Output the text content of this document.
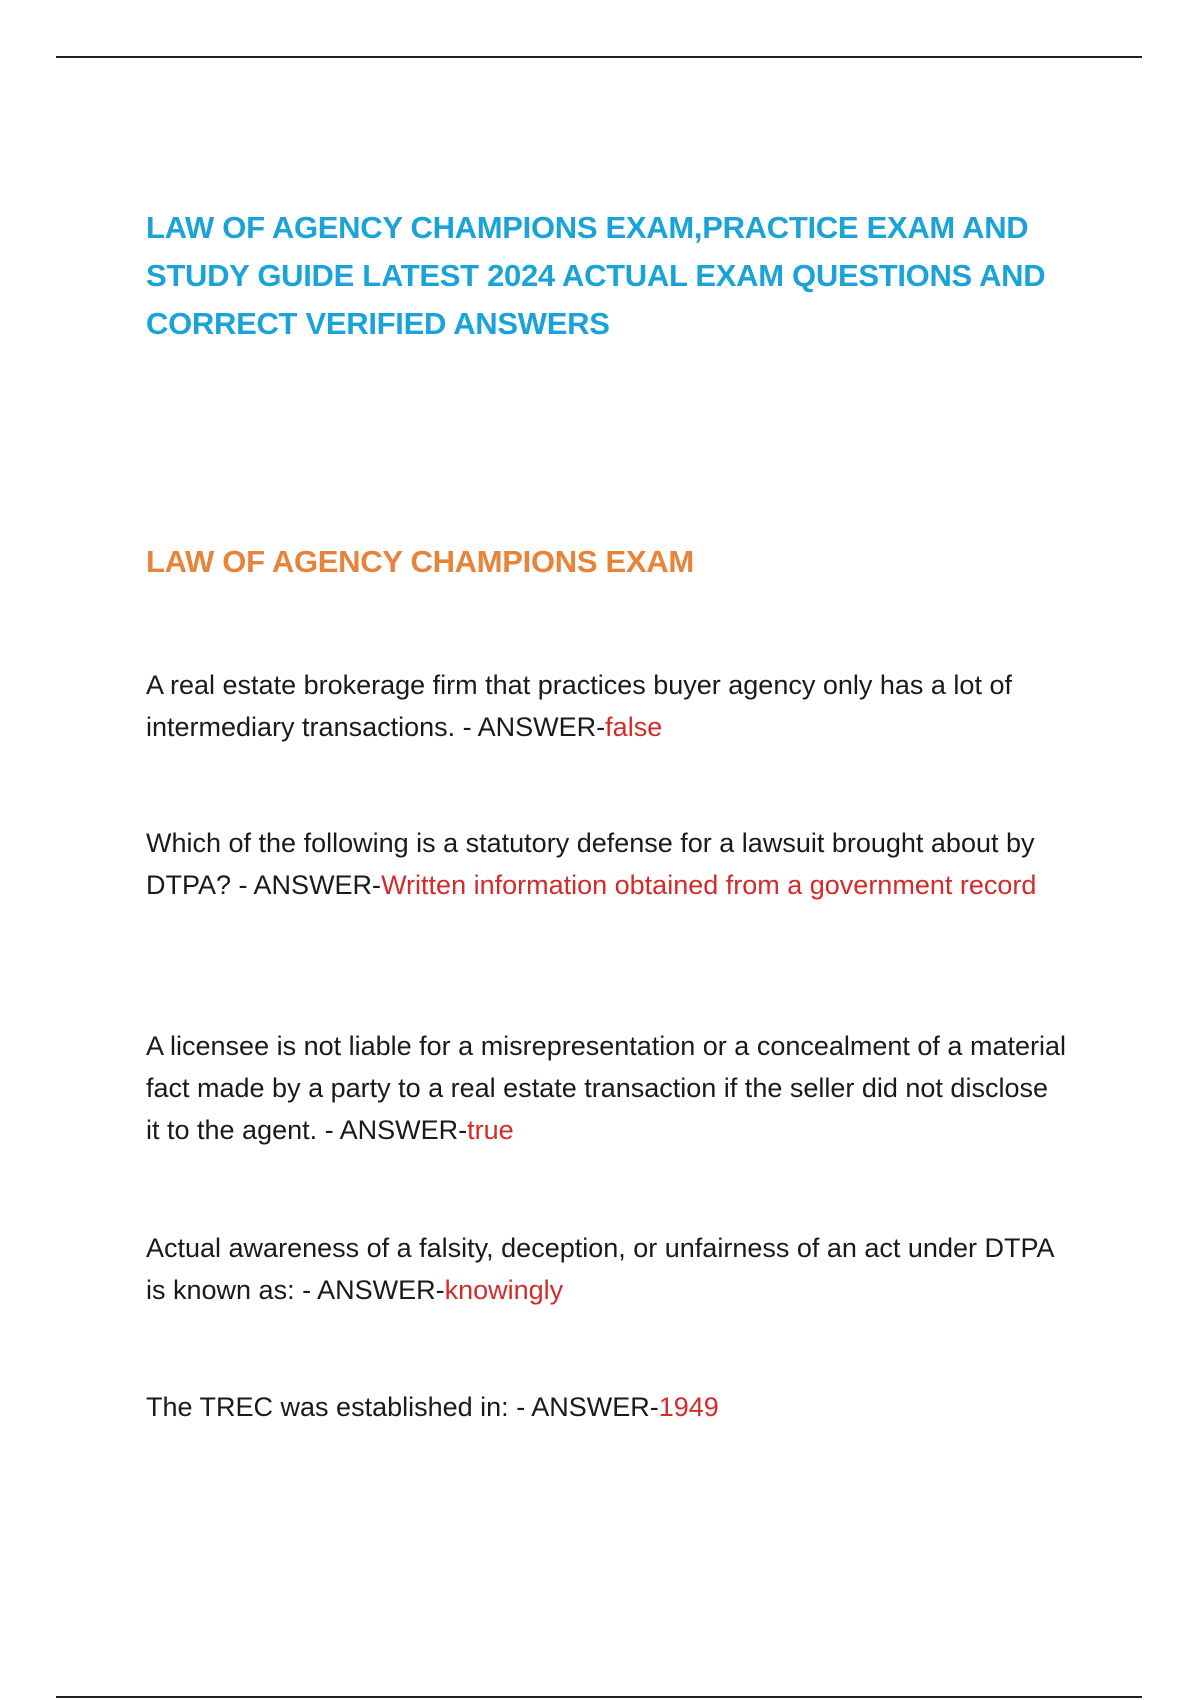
LAW OF AGENCY CHAMPIONS EXAM,PRACTICE EXAM AND STUDY GUIDE LATEST 2024 ACTUAL EXAM QUESTIONS AND CORRECT VERIFIED ANSWERS
LAW OF AGENCY CHAMPIONS EXAM

A real estate brokerage firm that practices buyer agency only has a lot of intermediary transactions. - ANSWER-false

Which of the following is a statutory defense for a lawsuit brought about by DTPA? - ANSWER-Written information obtained from a government record

A licensee is not liable for a misrepresentation or a concealment of a material fact made by a party to a real estate transaction if the seller did not disclose it to the agent. - ANSWER-true

Actual awareness of a falsity, deception, or unfairness of an act under DTPA is known as: - ANSWER-knowingly

The TREC was established in: - ANSWER-1949
